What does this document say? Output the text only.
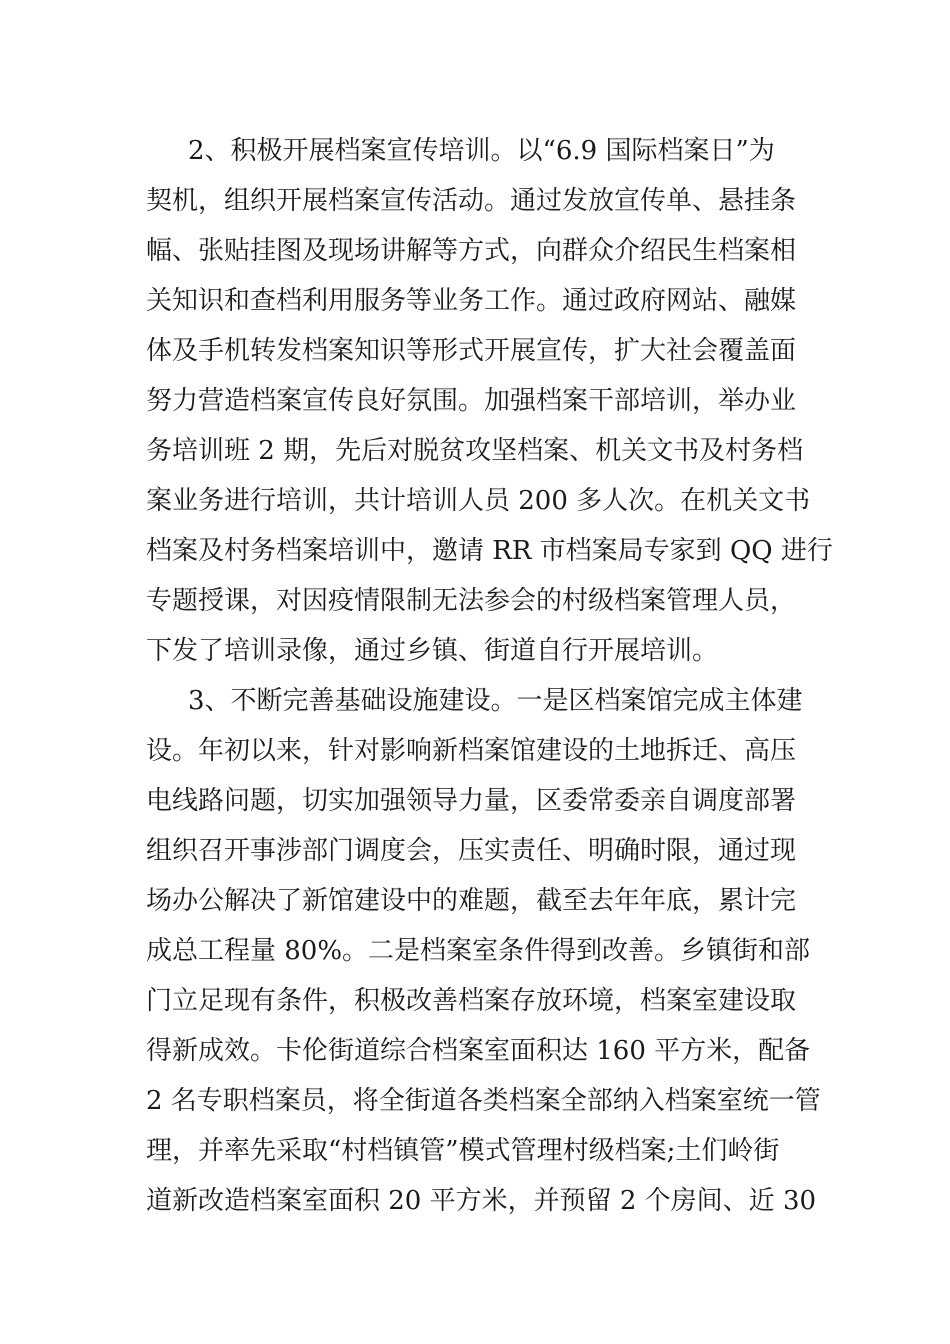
2、积极开展档案宣传培训。以“6.9 国际档案日”为
契机，组织开展档案宣传活动。通过发放宣传单、悬挂条
幅、张贴挂图及现场讲解等方式，向群众介绍民生档案相
关知识和查档利用服务等业务工作。通过政府网站、融媒
体及手机转发档案知识等形式开展宣传，扩大社会覆盖面
努力营造档案宣传良好氛围。加强档案干部培训，举办业
务培训班 2 期，先后对脱贫攻坚档案、机关文书及村务档
案业务进行培训，共计培训人员 200 多人次。在机关文书
档案及村务档案培训中，邀请 RR 市档案局专家到 QQ 进行
专题授课，对因疫情限制无法参会的村级档案管理人员，
下发了培训录像，通过乡镇、街道自行开展培训。
3、不断完善基础设施建设。一是区档案馆完成主体建
设。年初以来，针对影响新档案馆建设的土地拆迁、高压
电线路问题，切实加强领导力量，区委常委亲自调度部署
组织召开事涉部门调度会，压实责任、明确时限，通过现
场办公解决了新馆建设中的难题，截至去年年底，累计完
成总工程量 80%。二是档案室条件得到改善。乡镇街和部
门立足现有条件，积极改善档案存放环境，档案室建设取
得新成效。卡伦街道综合档案室面积达 160 平方米，配备
2 名专职档案员，将全街道各类档案全部纳入档案室统一管
理，并率先采取“村档镇管”模式管理村级档案;土们岭街
道新改造档案室面积 20 平方米，并预留 2 个房间、近 30
